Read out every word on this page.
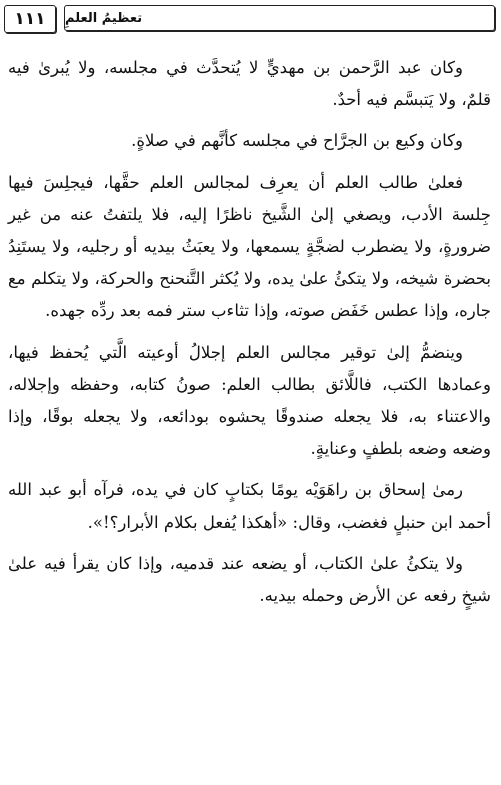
١١١	تعظيمُ العلمِ

وكان عبد الرَّحمن بن مهديٍّ لا يُتحدَّث في مجلسه، ولا يُبرىٰ فيه قلمٌ، ولا يَتبسَّم فيه أحدٌ.

وكان وكيع بن الجرَّاح في مجلسه كأنَّهم في صلاةٍ.

فعلىٰ طالب العلم أن يعرِف لمجالس العلم حقَّها، فيجلِسَ فيها جِلسة الأدب، ويصغي إلىٰ الشَّيخ ناظرًا إليه، فلا يلتفتُ عنه من غير ضرورةٍ، ولا يضطرب لضجَّةٍ يسمعها، ولا يعبَثُ بيديه أو رجليه، ولا يستَنِدُ بحضرة شيخه، ولا يتكئُ علىٰ يده، ولا يُكثر التَّنحنح والحركة، ولا يتكلم مع جاره، وإذا عطس خَفَض صوته، وإذا تثاءب ستر فمه بعد ردِّه جهده.

وينضمُّ إلىٰ توقير مجالس العلم إجلالُ أوعيته الَّتي يُحفظ فيها، وعمادها الكتب، فاللَّائق بطالب العلم: صونُ كتابه، وحفظه وإجلاله، والاعتناء به، فلا يجعله صندوقًا يحشوه بودائعه، ولا يجعله بوقًا، وإذا وضعه وضعه بلطفٍ وعنايةٍ.

رمىٰ إسحاق بن راهَوَيْه يومًا بكتابٍ كان في يده، فرآه أبو عبد الله أحمد ابن حنبلٍ فغضب، وقال: «أهكذا يُفعل بكلام الأبرار؟!».

ولا يتكئُ علىٰ الكتاب، أو يضعه عند قدميه، وإذا كان يقرأ فيه علىٰ شيخٍ رفعه عن الأرض وحمله بيديه.
